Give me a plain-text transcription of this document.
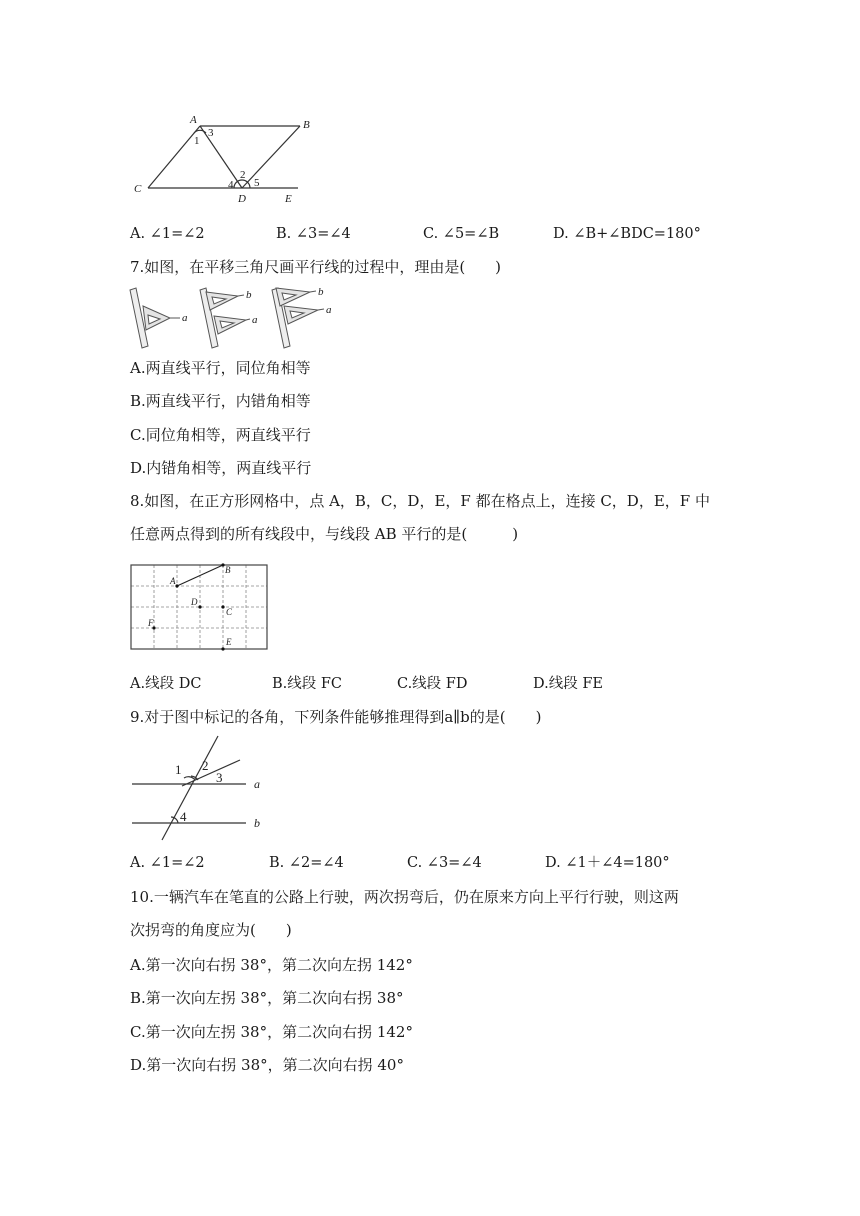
A	B
C
D	E
1
3
2
4 5
A. ∠1=∠2	B. ∠3=∠4	C. ∠5=∠B	D. ∠B+∠BDC=180°
7.如图，在平移三角尺画平行线的过程中，理由是(　　)
a
b
a
b
a
A.两直线平行，同位角相等
B.两直线平行，内错角相等
C.同位角相等，两直线平行
D.内错角相等，两直线平行
8.如图，在正方形网格中，点 A，B，C，D，E，F 都在格点上，连接 C，D，E，F 中
任意两点得到的所有线段中，与线段 AB 平行的是(　　　)
A
B
D
C
F
E
A.线段 DC	B.线段 FC	C.线段 FD	D.线段 FE
9.对于图中标记的各角，下列条件能够推理得到a∥b的是(　　)
1 2
3
4
a
b
A. ∠1=∠2	B. ∠2=∠4	C. ∠3=∠4	D. ∠1＋∠4=180°
10.一辆汽车在笔直的公路上行驶，两次拐弯后，仍在原来方向上平行行驶，则这两
次拐弯的角度应为(　　)
A.第一次向右拐 38°，第二次向左拐 142°
B.第一次向左拐 38°，第二次向右拐 38°
C.第一次向左拐 38°，第二次向右拐 142°
D.第一次向右拐 38°，第二次向右拐 40°
